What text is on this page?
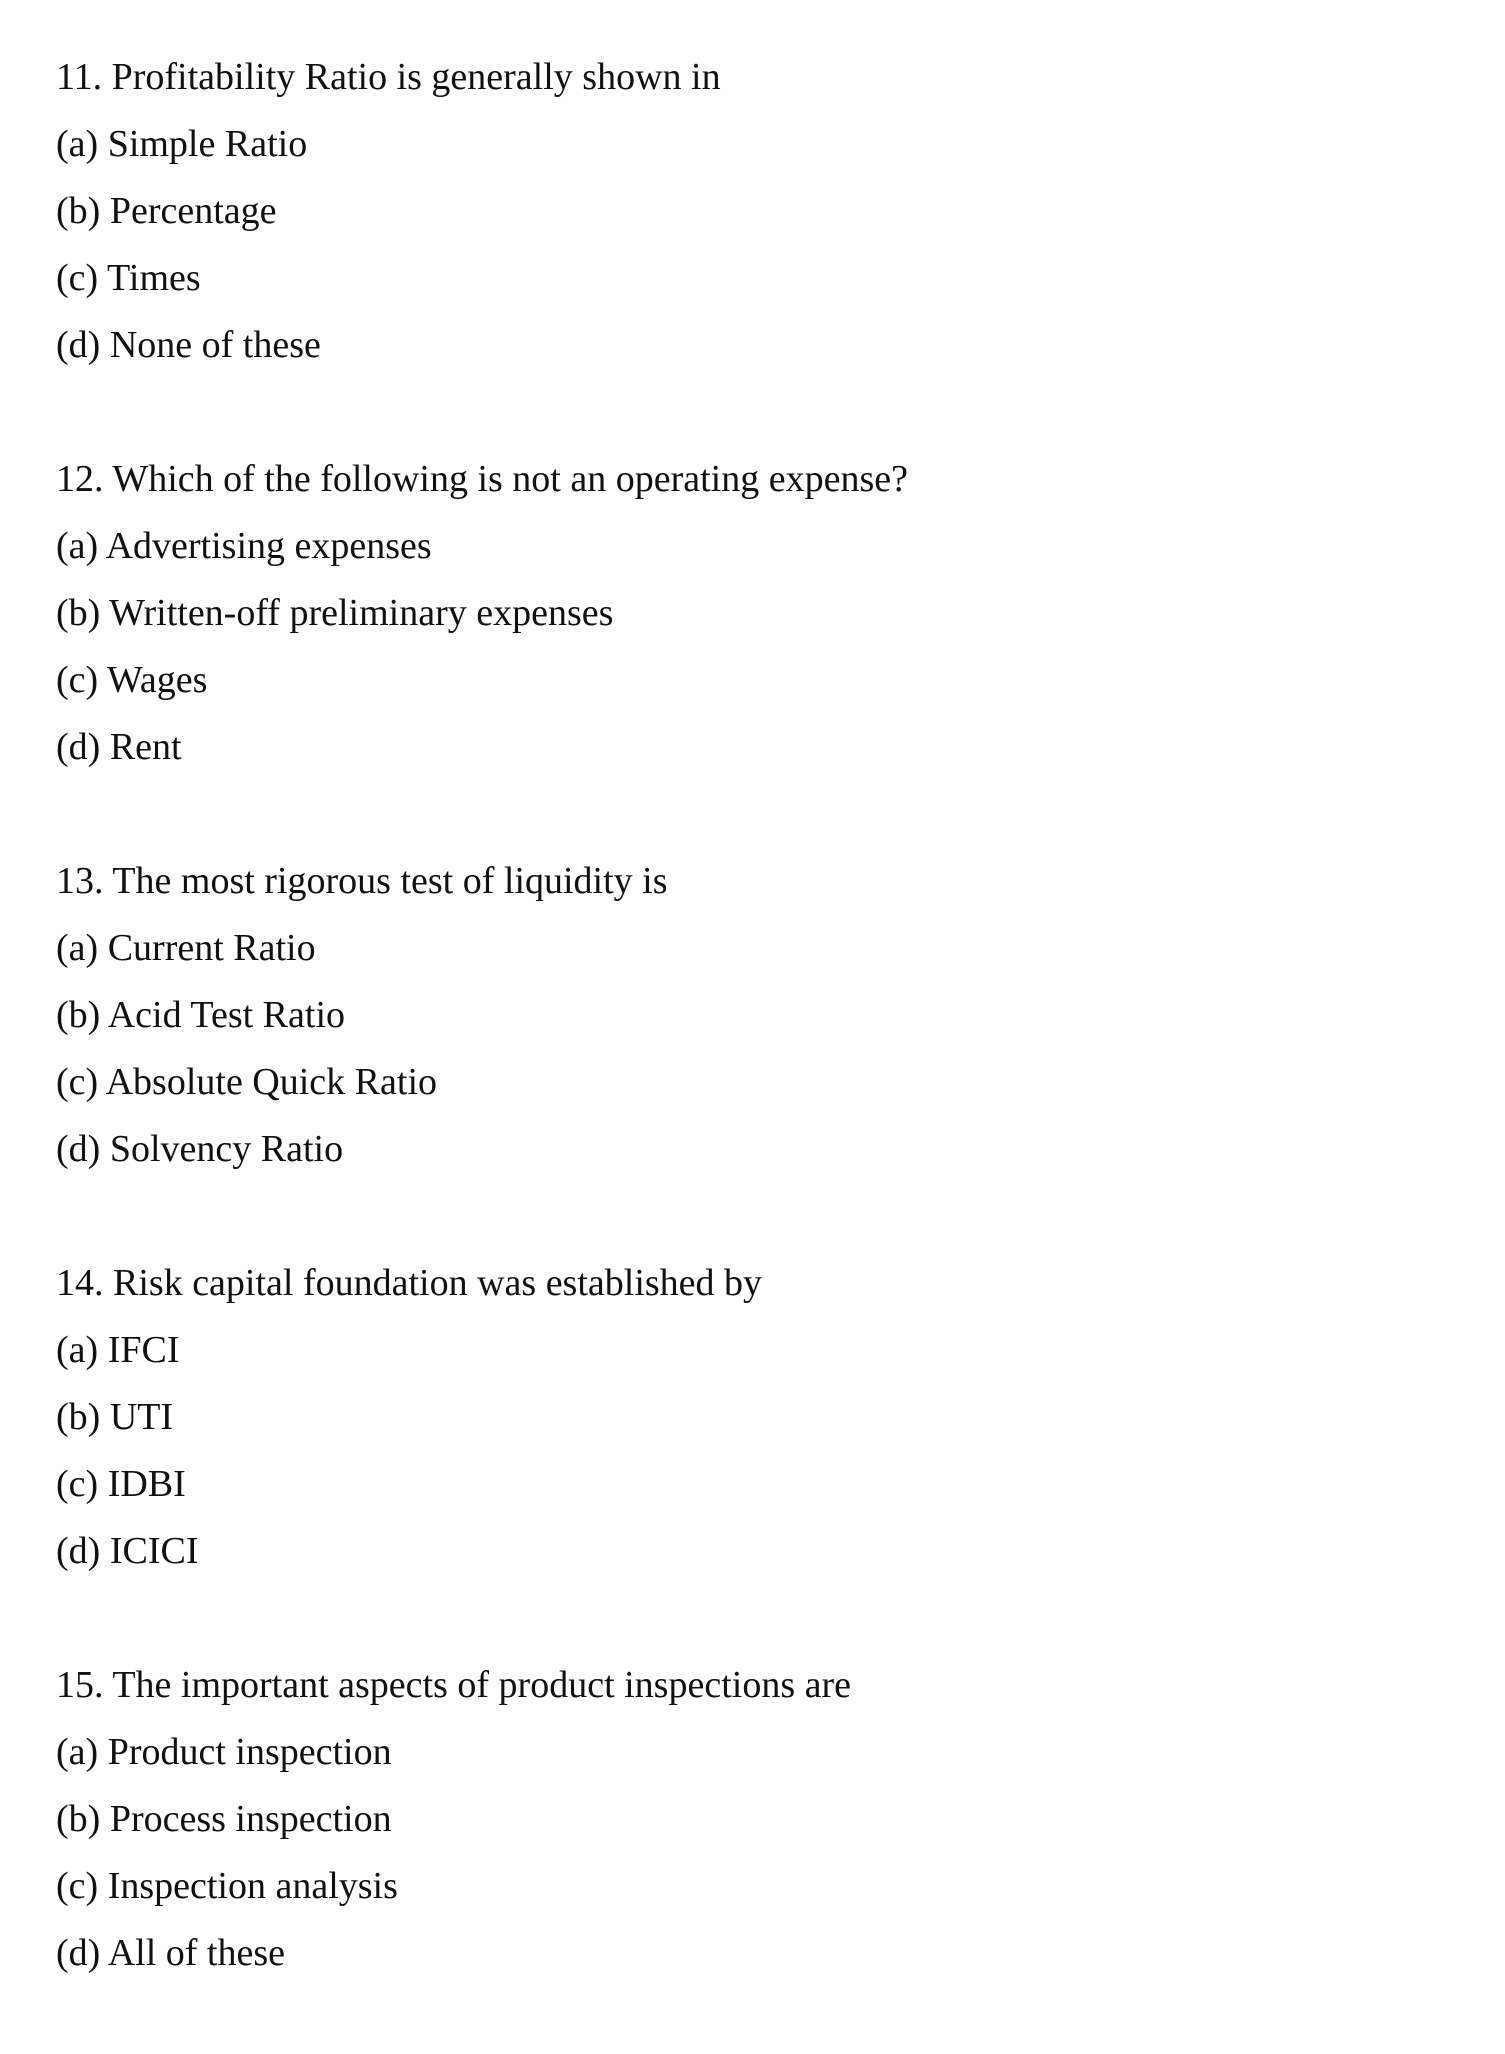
11. Profitability Ratio is generally shown in
(a) Simple Ratio
(b) Percentage
(c) Times
(d) None of these
12. Which of the following is not an operating expense?
(a) Advertising expenses
(b) Written-off preliminary expenses
(c) Wages
(d) Rent
13. The most rigorous test of liquidity is
(a) Current Ratio
(b) Acid Test Ratio
(c) Absolute Quick Ratio
(d) Solvency Ratio
14. Risk capital foundation was established by
(a) IFCI
(b) UTI
(c) IDBI
(d) ICICI
15. The important aspects of product inspections are
(a) Product inspection
(b) Process inspection
(c) Inspection analysis
(d) All of these
